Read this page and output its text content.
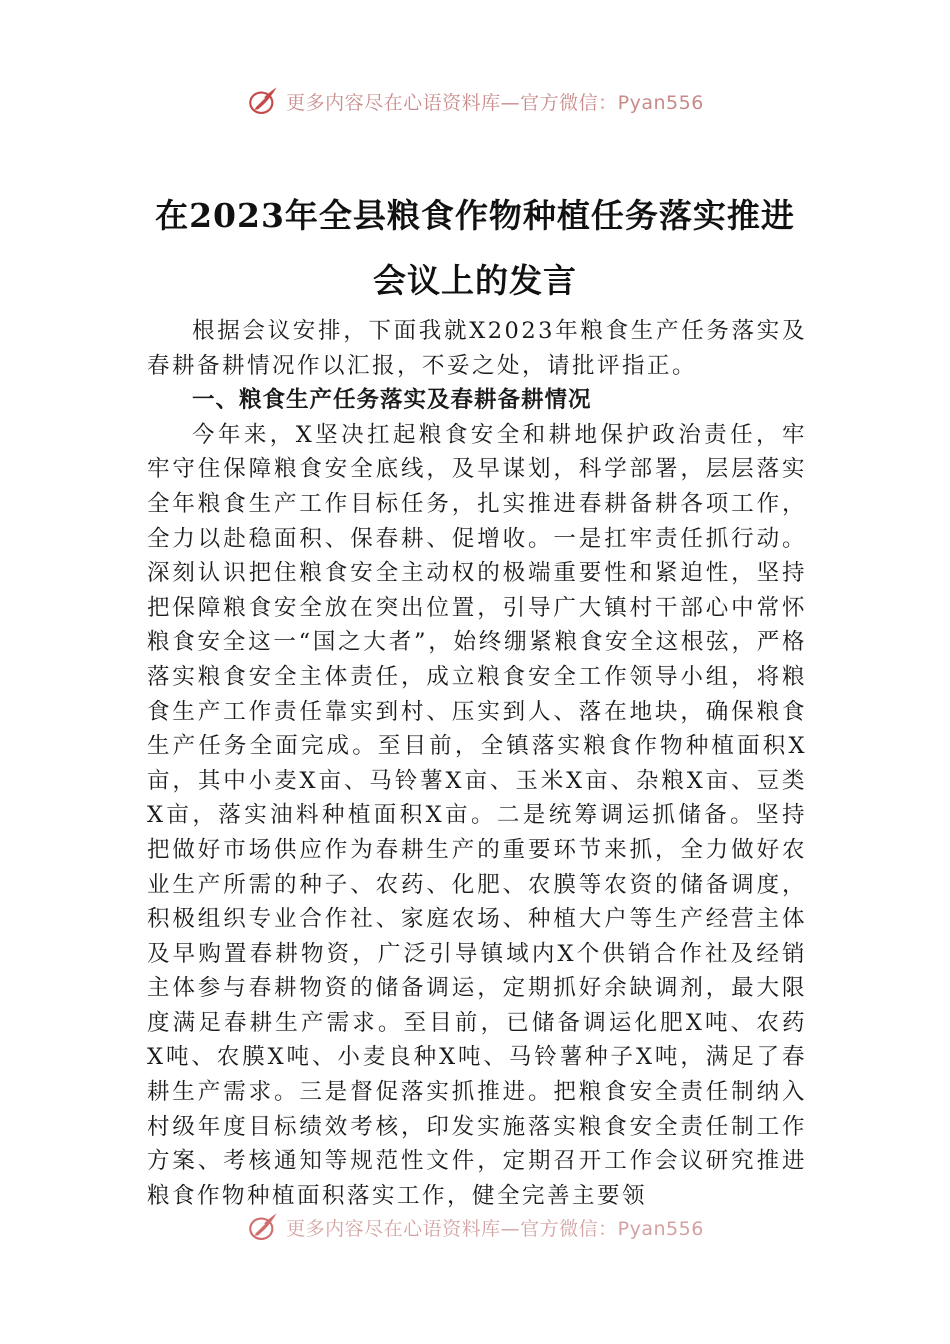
更多内容尽在心语资料库—官方微信：Pyan556
在2023年全县粮食作物种植任务落实推进
会议上的发言

根据会议安排，下面我就X2023年粮食生产任务落实及春耕备耕情况作以汇报，不妥之处，请批评指正。

一、粮食生产任务落实及春耕备耕情况

今年来，X坚决扛起粮食安全和耕地保护政治责任，牢牢守住保障粮食安全底线，及早谋划，科学部署，层层落实全年粮食生产工作目标任务，扎实推进春耕备耕各项工作，全力以赴稳面积、保春耕、促增收。一是扛牢责任抓行动。深刻认识把住粮食安全主动权的极端重要性和紧迫性，坚持把保障粮食安全放在突出位置，引导广大镇村干部心中常怀粮食安全这一“国之大者”，始终绷紧粮食安全这根弦，严格落实粮食安全主体责任，成立粮食安全工作领导小组，将粮食生产工作责任靠实到村、压实到人、落在地块，确保粮食生产任务全面完成。至目前，全镇落实粮食作物种植面积X亩，其中小麦X亩、马铃薯X亩、玉米X亩、杂粮X亩、豆类X亩，落实油料种植面积X亩。二是统筹调运抓储备。坚持把做好市场供应作为春耕生产的重要环节来抓，全力做好农业生产所需的种子、农药、化肥、农膜等农资的储备调度，积极组织专业合作社、家庭农场、种植大户等生产经营主体及早购置春耕物资，广泛引导镇域内X个供销合作社及经销主体参与春耕物资的储备调运，定期抓好余缺调剂，最大限度满足春耕生产需求。至目前，已储备调运化肥X吨、农药X吨、农膜X吨、小麦良种X吨、马铃薯种子X吨，满足了春耕生产需求。三是督促落实抓推进。把粮食安全责任制纳入村级年度目标绩效考核，印发实施落实粮食安全责任制工作方案、考核通知等规范性文件，定期召开工作会议研究推进粮食作物种植面积落实工作，健全完善主要领

更多内容尽在心语资料库—官方微信：Pyan556
